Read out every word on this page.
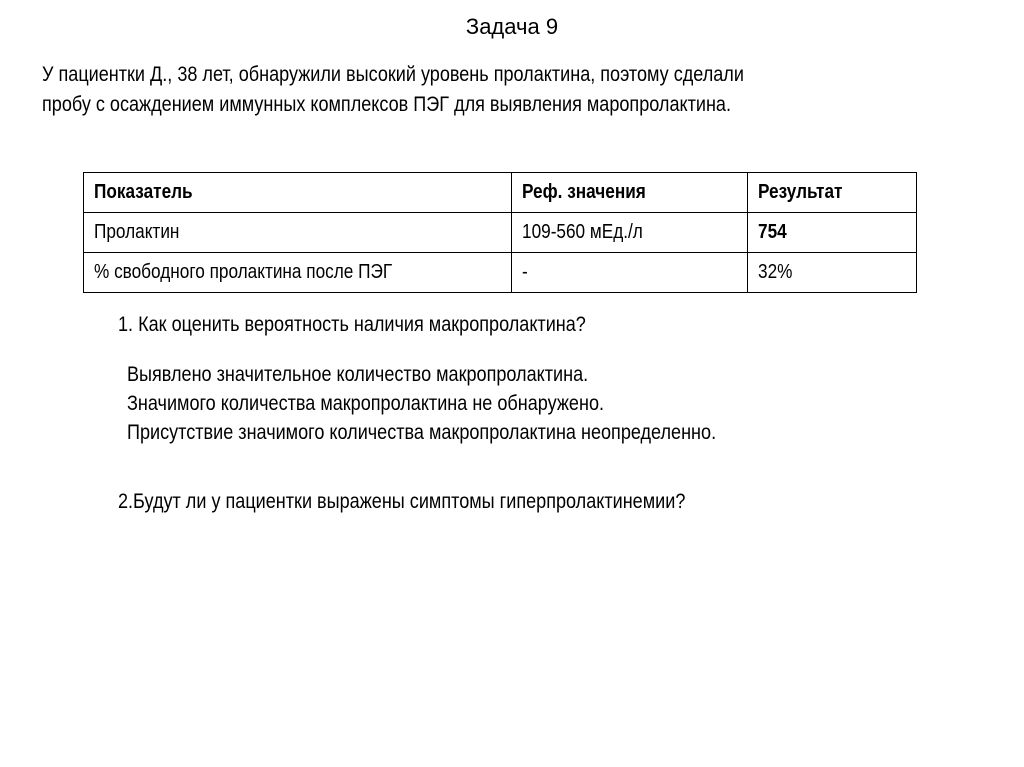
Задача 9
У пациентки Д., 38 лет, обнаружили высокий уровень пролактина, поэтому сделали
пробу с осаждением иммунных комплексов ПЭГ для выявления маропролактина.
Показатель	Реф. значения	Результат
Пролактин	109-560 мЕд./л	754
% свободного пролактина после ПЭГ	-	32%
1. Как оценить вероятность наличия макропролактина?
Выявлено значительное количество макропролактина.
Значимого количества макропролактина не обнаружено.
Присутствие значимого количества макропролактина неопределенно.
2.Будут ли у пациентки выражены симптомы гиперпролактинемии?
